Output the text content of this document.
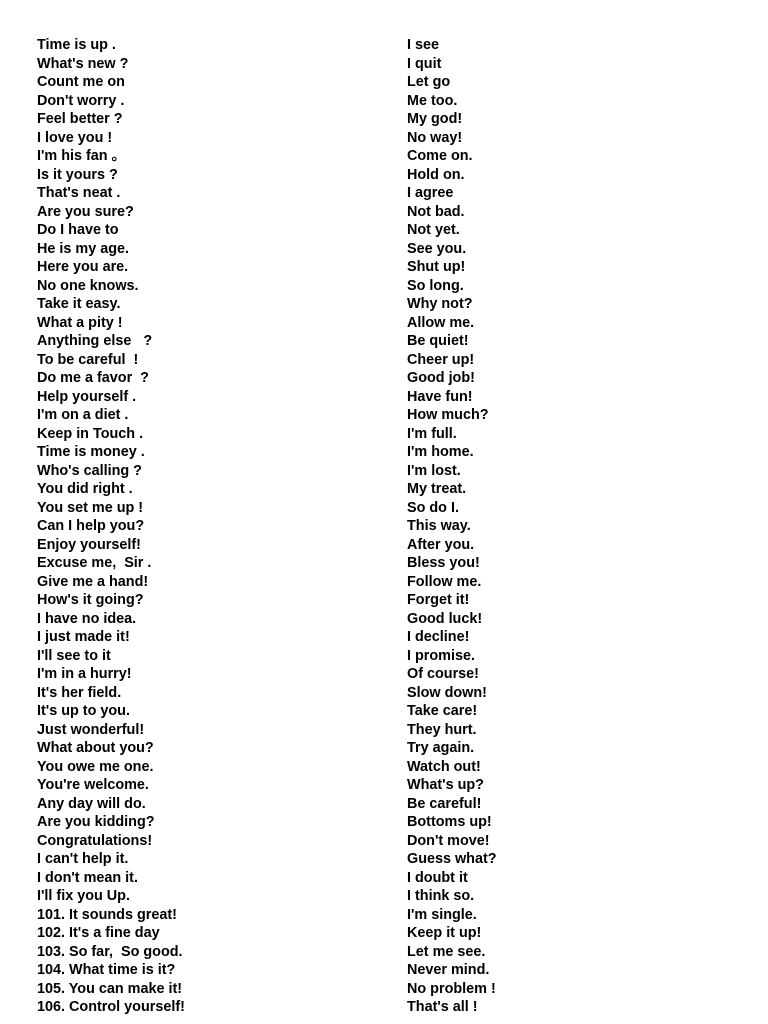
Time is up .
What's new ?
Count me on
Don't worry .
Feel better ?
I love you !
I'm his fan 。
Is it yours ?
That's neat .
Are you sure?
Do I have to
He is my age.
Here you are.
No one knows.
Take it easy.
What a pity !
Anything else   ?
To be careful  !
Do me a favor  ?
Help yourself .
I'm on a diet .
Keep in Touch .
Time is money .
Who's calling ?
You did right .
You set me up !
Can I help you?
Enjoy yourself!
Excuse me,  Sir .
Give me a hand!
How's it going?
I have no idea.
I just made it!
I'll see to it
I'm in a hurry!
It's her field.
It's up to you.
Just wonderful!
What about you?
You owe me one.
You're welcome.
Any day will do.
Are you kidding?
Congratulations!
I can't help it.
I don't mean it.
I'll fix you Up.
101. It sounds great!
102. It's a fine day
103. So far,  So good.
104. What time is it?
105. You can make it!
106. Control yourself!
I see
I quit
Let go
Me too.
My god!
No way!
Come on.
Hold on.
I agree
Not bad.
Not yet.
See you.
Shut up!
So long.
Why not?
Allow me.
Be quiet!
Cheer up!
Good job!
Have fun!
How much?
I'm full.
I'm home.
I'm lost.
My treat.
So do I.
This way.
After you.
Bless you!
Follow me.
Forget it!
Good luck!
I decline!
I promise.
Of course!
Slow down!
Take care!
They hurt.
Try again.
Watch out!
What's up?
Be careful!
Bottoms up!
Don't move!
Guess what?
I doubt it
I think so.
I'm single.
Keep it up!
Let me see.
Never mind.
No problem !
That's all !
